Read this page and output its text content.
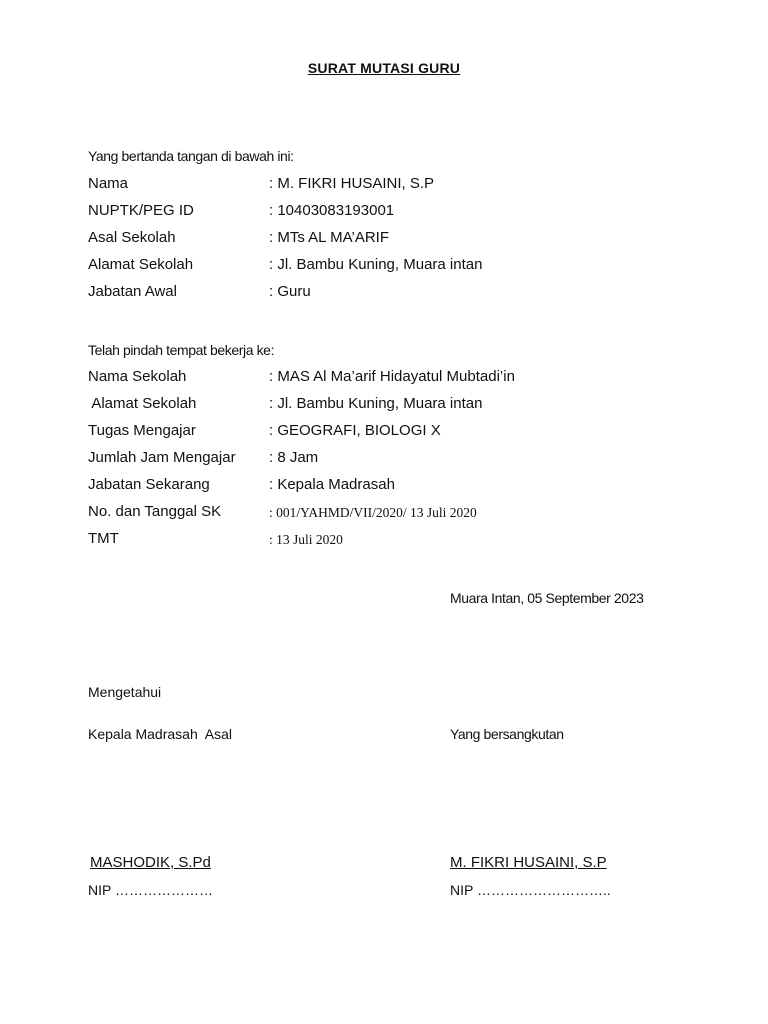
SURAT MUTASI GURU
Yang bertanda tangan di bawah ini:
Nama	: M. FIKRI HUSAINI, S.P
NUPTK/PEG ID	: 10403083193001
Asal Sekolah	: MTs AL MA’ARIF
Alamat Sekolah	: Jl. Bambu Kuning, Muara intan
Jabatan Awal	: Guru
Telah pindah tempat bekerja ke:
Nama Sekolah	: MAS Al Ma’arif Hidayatul Mubtadi’in
Alamat Sekolah	: Jl. Bambu Kuning, Muara intan
Tugas Mengajar	: GEOGRAFI, BIOLOGI X
Jumlah Jam Mengajar : 8 Jam
Jabatan Sekarang	: Kepala Madrasah
No. dan Tanggal SK	: 001/YAHMD/VII/2020/ 13 Juli 2020
TMT	: 13 Juli 2020
Muara Intan, 05 September 2023
Mengetahui
Kepala Madrasah  Asal	Yang bersangkutan
MASHODIK, S.Pd	M. FIKRI HUSAINI, S.P
NIP …………………	NIP ………………………..
